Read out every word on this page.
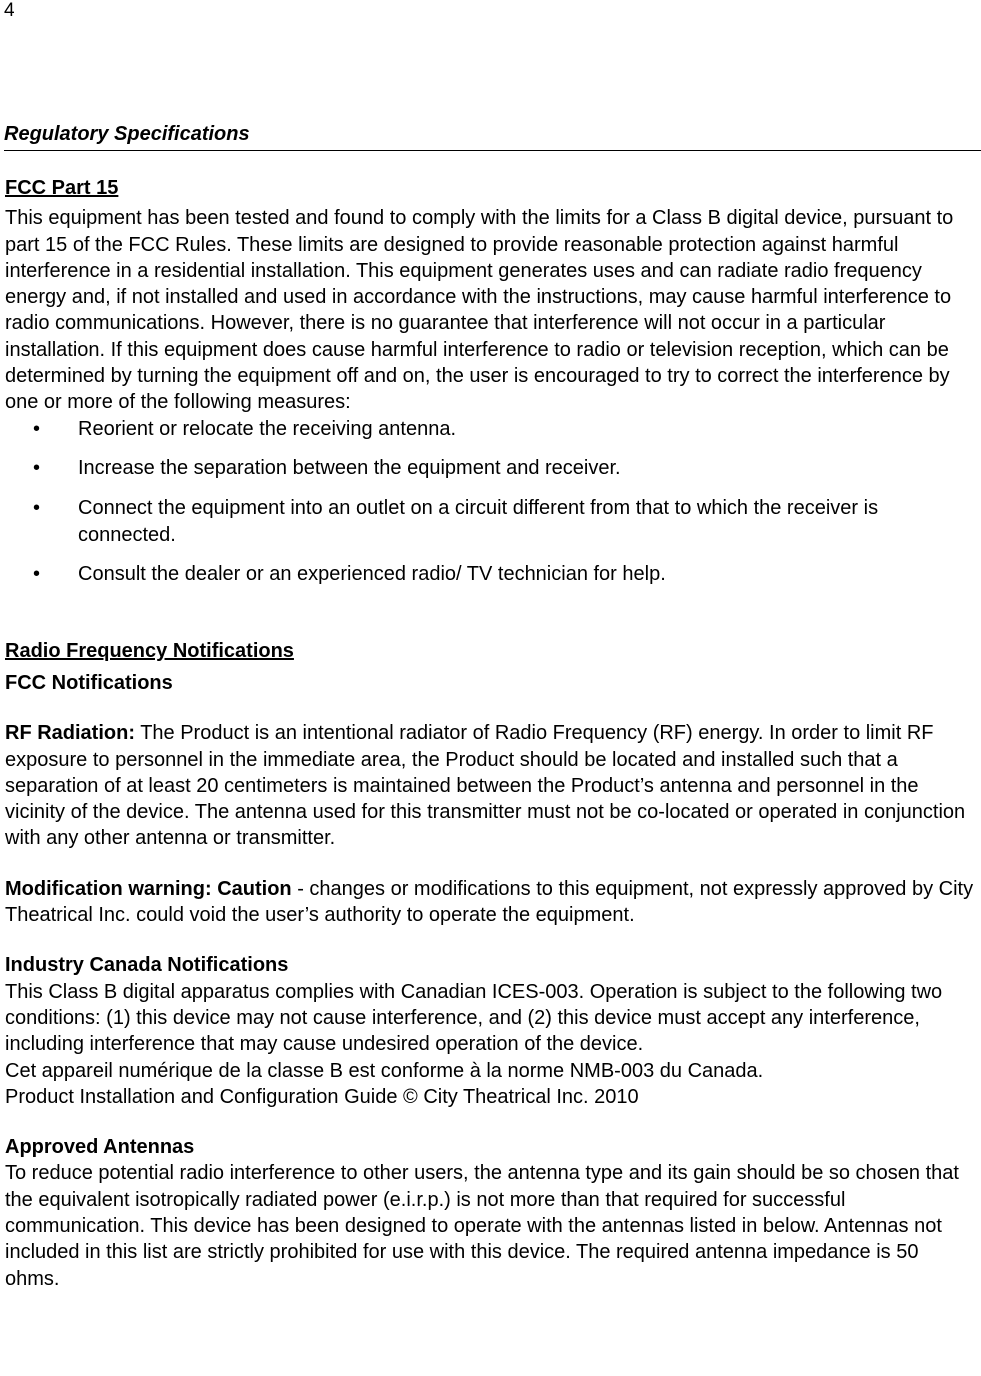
4
Regulatory Specifications

FCC Part 15

This equipment has been tested and found to comply with the limits for a Class B digital device, pursuant to part 15 of the FCC Rules. These limits are designed to provide reasonable protection against harmful interference in a residential installation. This equipment generates uses and can radiate radio frequency energy and, if not installed and used in accordance with the instructions, may cause harmful interference to radio communications. However, there is no guarantee that interference will not occur in a particular installation. If this equipment does cause harmful interference to radio or television reception, which can be determined by turning the equipment off and on, the user is encouraged to try to correct the interference by one or more of the following measures:

• Reorient or relocate the receiving antenna.
• Increase the separation between the equipment and receiver.
• Connect the equipment into an outlet on a circuit different from that to which the receiver is connected.
• Consult the dealer or an experienced radio/ TV technician for help.

Radio Frequency Notifications

FCC Notifications

RF Radiation: The Product is an intentional radiator of Radio Frequency (RF) energy. In order to limit RF exposure to personnel in the immediate area, the Product should be located and installed such that a separation of at least 20 centimeters is maintained between the Product’s antenna and personnel in the vicinity of the device. The antenna used for this transmitter must not be co-located or operated in conjunction with any other antenna or transmitter.

Modification warning: Caution - changes or modifications to this equipment, not expressly approved by City Theatrical Inc. could void the user’s authority to operate the equipment.

Industry Canada Notifications

This Class B digital apparatus complies with Canadian ICES-003. Operation is subject to the following two conditions: (1) this device may not cause interference, and (2) this device must accept any interference, including interference that may cause undesired operation of the device.

Cet appareil numérique de la classe B est conforme à la norme NMB-003 du Canada.

Product Installation and Configuration Guide © City Theatrical Inc. 2010

Approved Antennas

To reduce potential radio interference to other users, the antenna type and its gain should be so chosen that the equivalent isotropically radiated power (e.i.r.p.) is not more than that required for successful communication. This device has been designed to operate with the antennas listed in below. Antennas not included in this list are strictly prohibited for use with this device. The required antenna impedance is 50 ohms.
